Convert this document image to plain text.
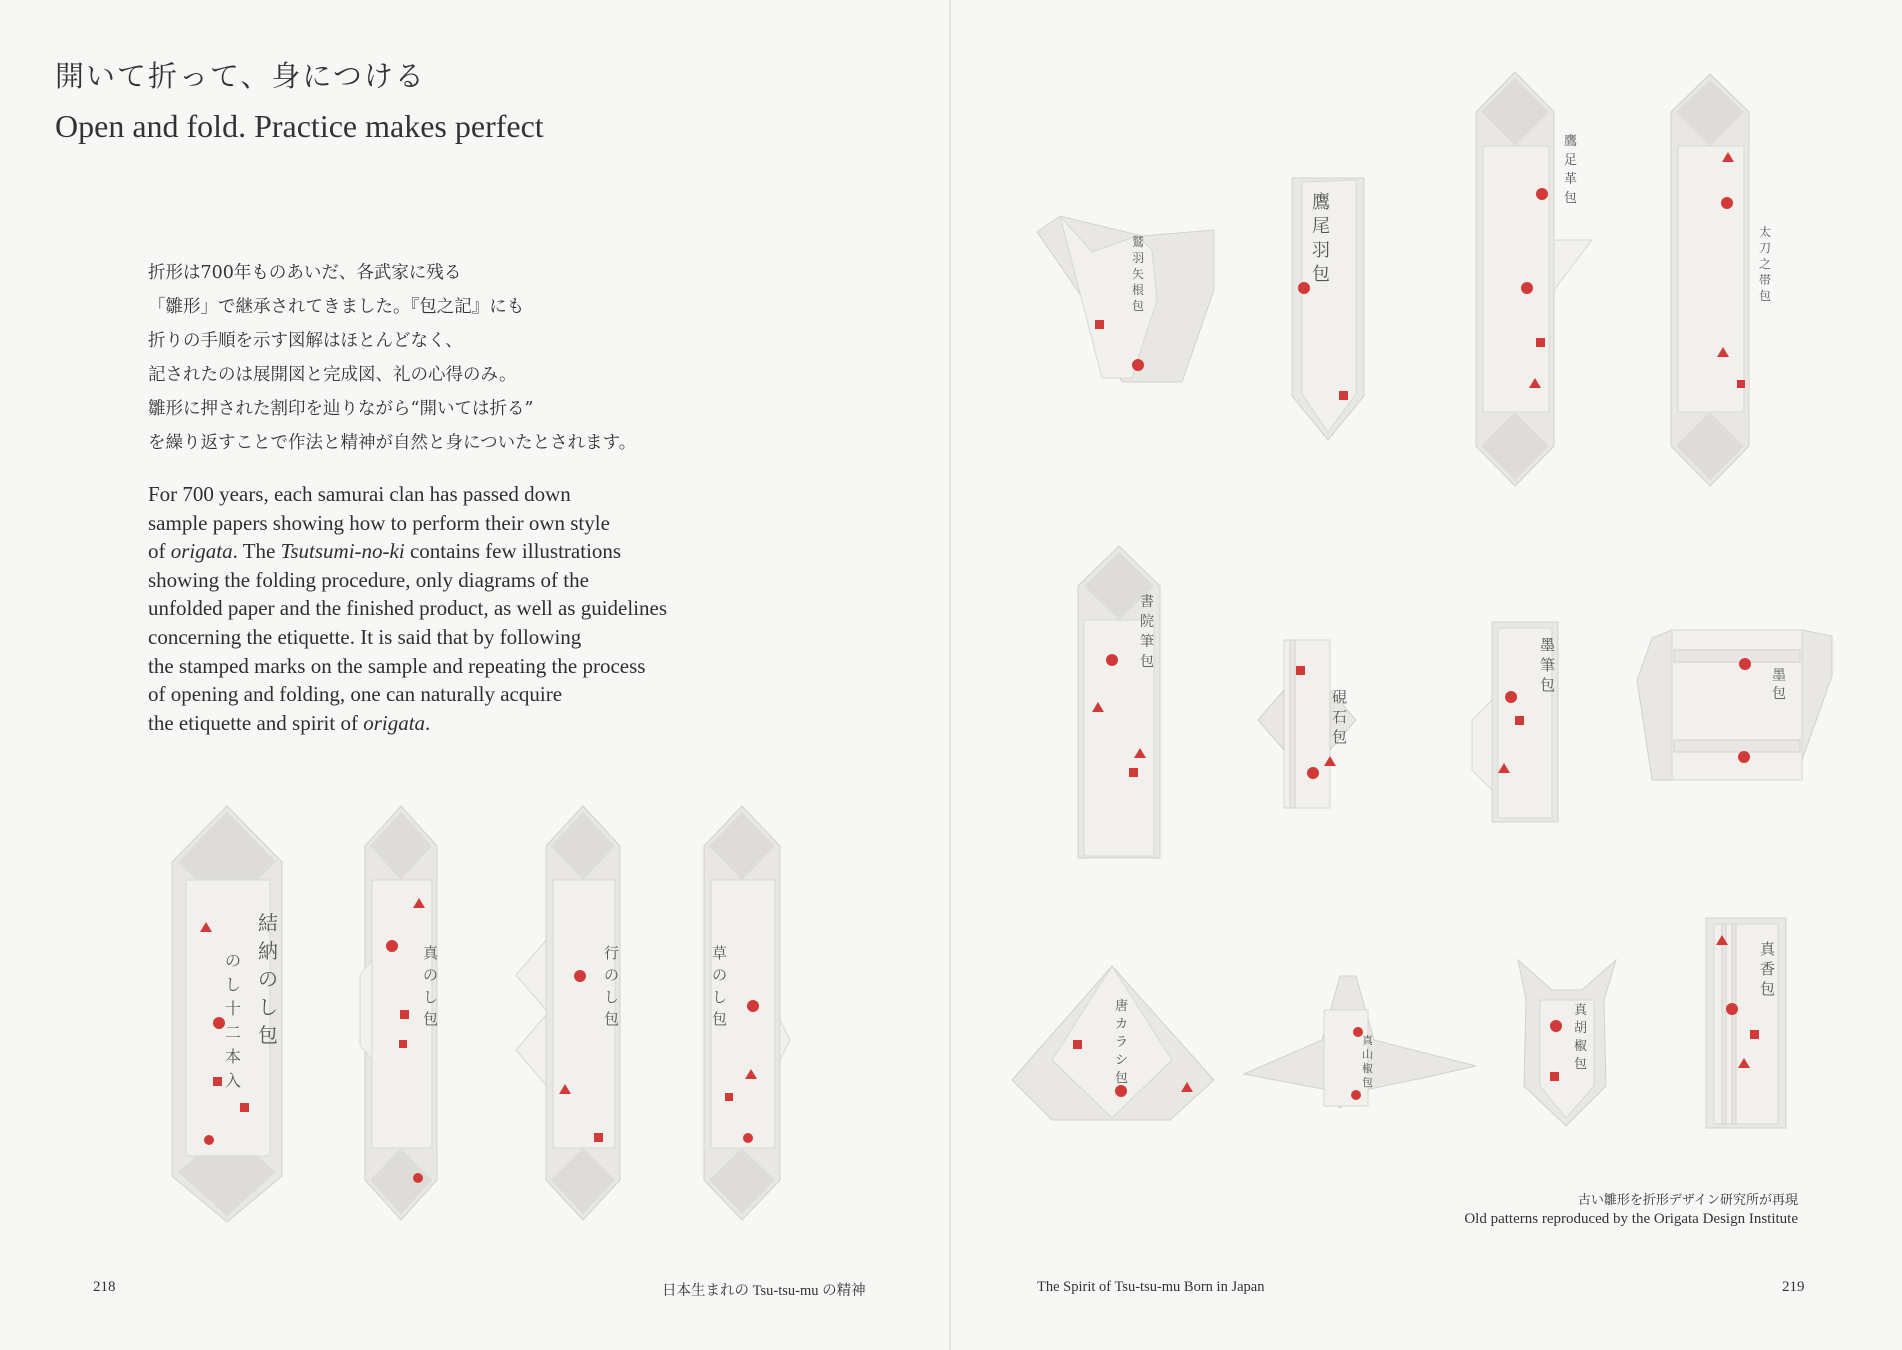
開いて折って、身につける
Open and fold. Practice makes perfect
折形は700年ものあいだ、各武家に残る
「雛形」で継承されてきました。『包之記』にも
折りの手順を示す図解はほとんどなく、
記されたのは展開図と完成図、礼の心得のみ。
雛形に押された割印を辿りながら“開いては折る”
を繰り返すことで作法と精神が自然と身についたとされます。
For 700 years, each samurai clan has passed down
sample papers showing how to perform their own style
of origata. The Tsutsumi-no-ki contains few illustrations
showing the folding procedure, only diagrams of the
unfolded paper and the finished product, as well as guidelines
concerning the etiquette. It is said that by following
the stamped marks on the sample and repeating the process
of opening and folding, one can naturally acquire
the etiquette and spirit of origata.
結納のし包
のし十二本入
真のし包
行のし包
草のし包
218	日本生まれの Tsu-tsu-mu の精神
鷲羽矢根包
鷹尾羽包
鷹足革包
太刀之帯包
書院筆包
硯石包
墨筆包	墨包
唐カラシ包
真山椒包
真胡椒包
真香包
古い雛形を折形デザイン研究所が再現
Old patterns reproduced by the Origata Design Institute
The Spirit of Tsu-tsu-mu Born in Japan	219
